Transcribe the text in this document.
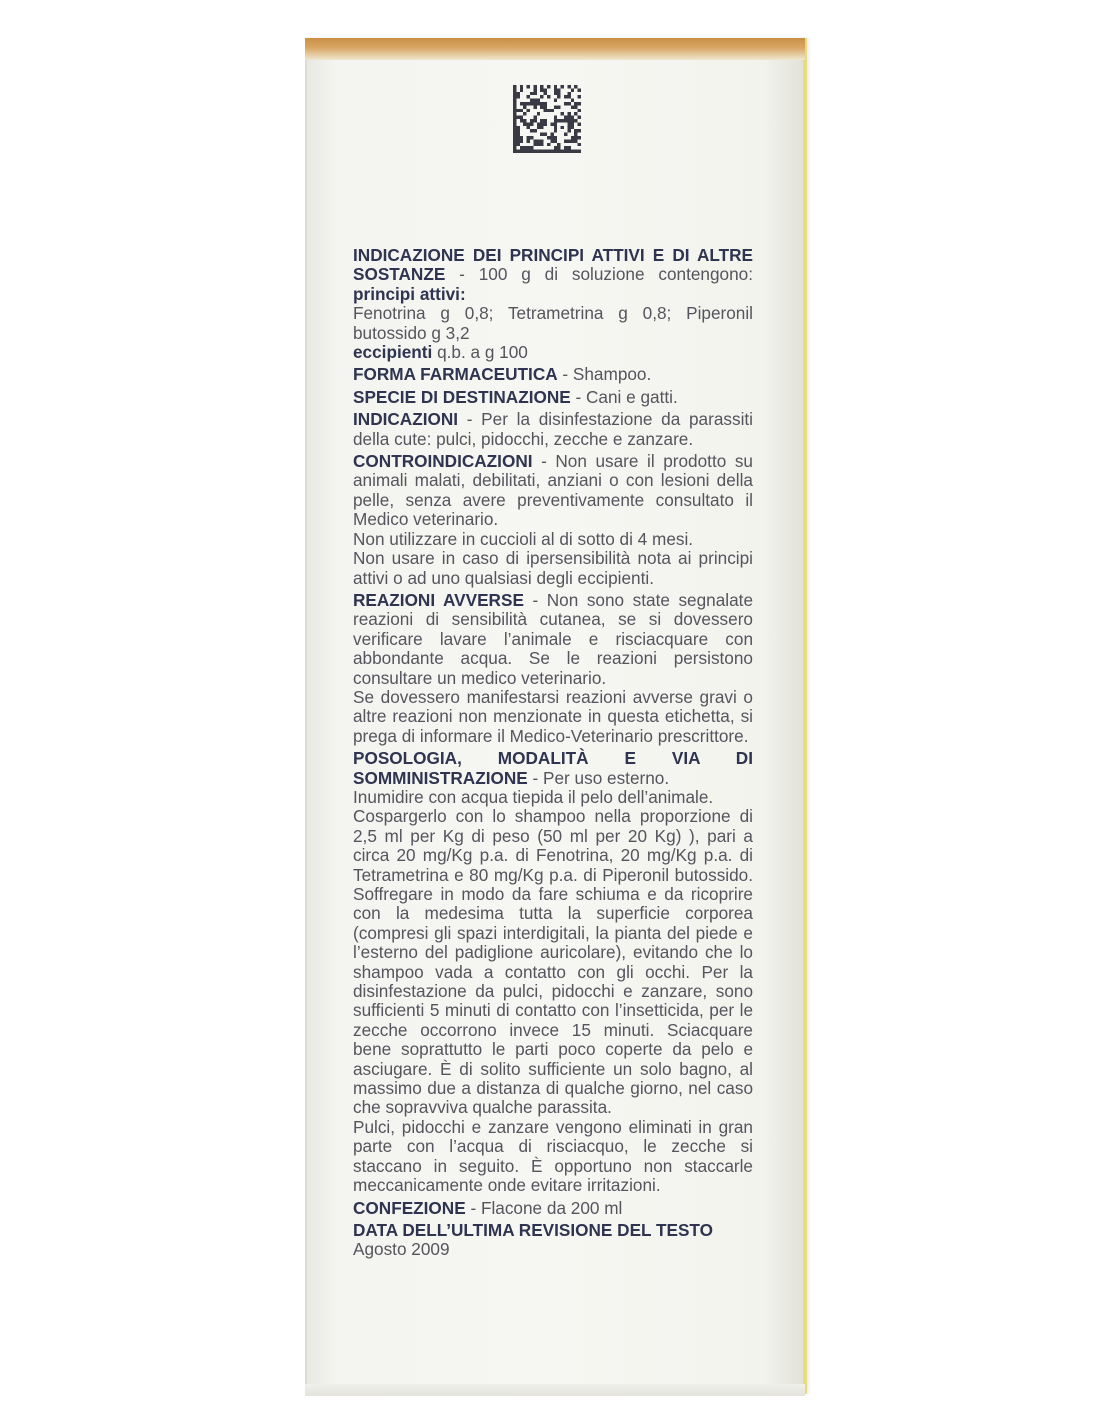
INDICAZIONE DEI PRINCIPI ATTIVI E DI ALTRE SOSTANZE - 100 g di soluzione contengono: principi attivi:
Fenotrina g 0,8; Tetrametrina g 0,8; Piperonil butossido g 3,2
eccipienti q.b. a g 100

FORMA FARMACEUTICA - Shampoo.

SPECIE DI DESTINAZIONE - Cani e gatti.

INDICAZIONI - Per la disinfestazione da parassiti della cute: pulci, pidocchi, zecche e zanzare.

CONTROINDICAZIONI - Non usare il prodotto su animali malati, debilitati, anziani o con lesioni della pelle, senza avere preventivamente consultato il Medico veterinario.
Non utilizzare in cuccioli al di sotto di 4 mesi.
Non usare in caso di ipersensibilità nota ai principi attivi o ad uno qualsiasi degli eccipienti.

REAZIONI AVVERSE - Non sono state segnalate reazioni di sensibilità cutanea, se si dovessero verificare lavare l’animale e risciacquare con abbondante acqua. Se le reazioni persistono consultare un medico veterinario.
Se dovessero manifestarsi reazioni avverse gravi o altre reazioni non menzionate in questa etichetta, si prega di informare il Medico-Veterinario prescrittore.

POSOLOGIA, MODALITÀ E VIA DI SOMMINISTRAZIONE - Per uso esterno.
Inumidire con acqua tiepida il pelo dell’animale.
Cospargerlo con lo shampoo nella proporzione di 2,5 ml per Kg di peso (50 ml per 20 Kg) ), pari a circa 20 mg/Kg p.a. di Fenotrina, 20 mg/Kg p.a. di Tetrametrina e 80 mg/Kg p.a. di Piperonil butossido. Soffregare in modo da fare schiuma e da ricoprire con la medesima tutta la superficie corporea (compresi gli spazi interdigitali, la pianta del piede e l’esterno del padiglione auricolare), evitando che lo shampoo vada a contatto con gli occhi. Per la disinfestazione da pulci, pidocchi e zanzare, sono sufficienti 5 minuti di contatto con l’insetticida, per le zecche occorrono invece 15 minuti. Sciacquare bene soprattutto le parti poco coperte da pelo e asciugare. È di solito sufficiente un solo bagno, al massimo due a distanza di qualche giorno, nel caso che sopravviva qualche parassita.
Pulci, pidocchi e zanzare vengono eliminati in gran parte con l’acqua di risciacquo, le zecche si staccano in seguito. È opportuno non staccarle meccanicamente onde evitare irritazioni.

CONFEZIONE - Flacone da 200 ml

DATA DELL’ULTIMA REVISIONE DEL TESTO
Agosto 2009
